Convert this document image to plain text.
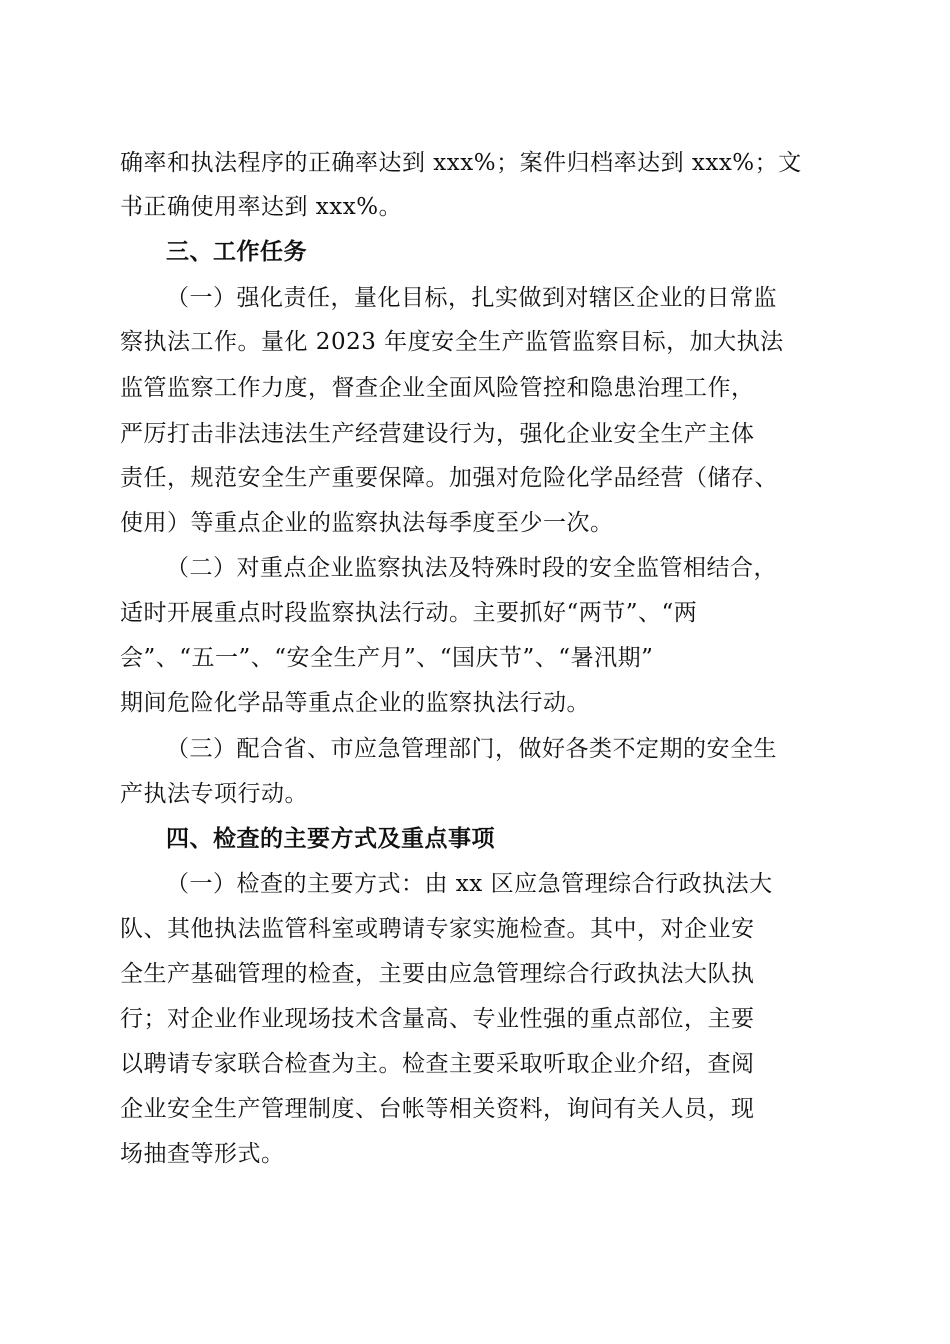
确率和执法程序的正确率达到 xxx%；案件归档率达到 xxx%；文
书正确使用率达到 xxx%。
三、工作任务
（一）强化责任，量化目标，扎实做到对辖区企业的日常监
察执法工作。量化 2023 年度安全生产监管监察目标，加大执法
监管监察工作力度，督查企业全面风险管控和隐患治理工作，
严厉打击非法违法生产经营建设行为，强化企业安全生产主体
责任，规范安全生产重要保障。加强对危险化学品经营（储存、
使用）等重点企业的监察执法每季度至少一次。
（二）对重点企业监察执法及特殊时段的安全监管相结合，
适时开展重点时段监察执法行动。主要抓好“两节”、“两
会”、“五一”、“安全生产月”、“国庆节”、“暑汛期”
期间危险化学品等重点企业的监察执法行动。
（三）配合省、市应急管理部门，做好各类不定期的安全生
产执法专项行动。
四、检查的主要方式及重点事项
（一）检查的主要方式：由 xx 区应急管理综合行政执法大
队、其他执法监管科室或聘请专家实施检查。其中，对企业安
全生产基础管理的检查，主要由应急管理综合行政执法大队执
行；对企业作业现场技术含量高、专业性强的重点部位，主要
以聘请专家联合检查为主。检查主要采取听取企业介绍，查阅
企业安全生产管理制度、台帐等相关资料，询问有关人员，现
场抽查等形式。
